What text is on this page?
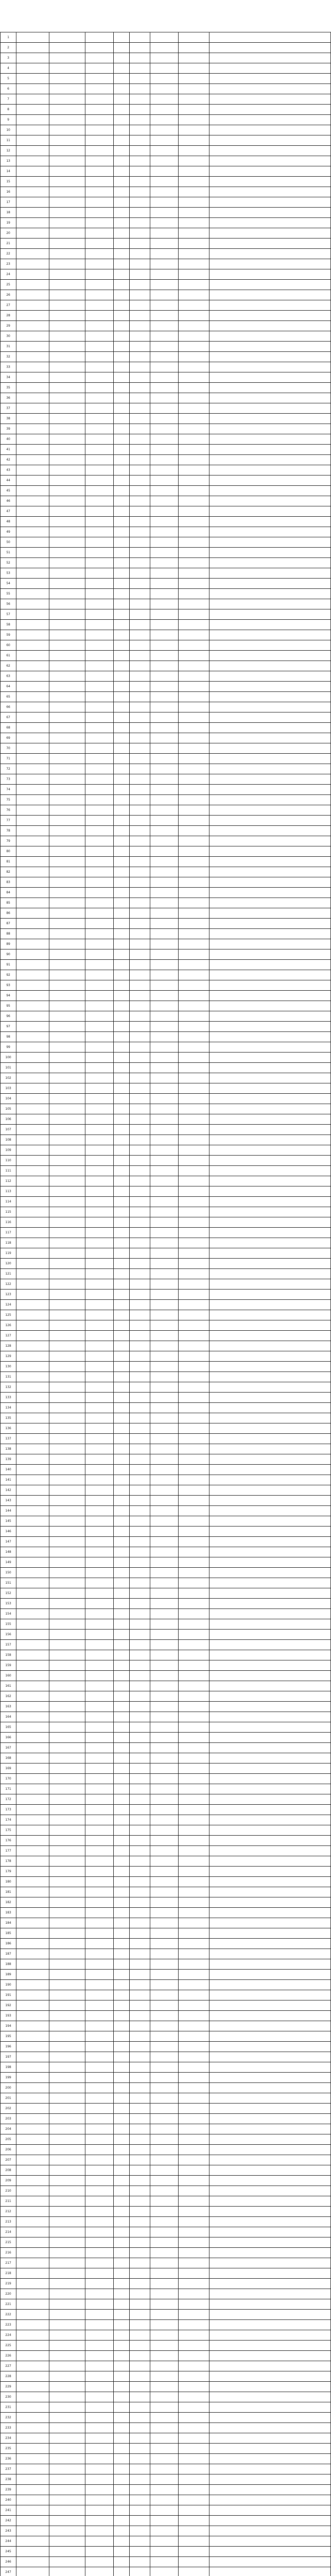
1								
2								
3								
4								
5								
6								
7								
8								
9								
10								
11								
12								
13								
14								
15								
16								
17								
18								
19								
20								
21								
22								
23								
24								
25								
26								
27								
28								
29								
30								
31								
32								
33								
34								
35								
36								
37								
38								
39								
40								
41								
42								
43								
44								
45								
46								
47								
48								
49								
50								
51								
52								
53								
54								
55								
56								
57								
58								
59								
60								
61								
62								
63								
64								
65								
66								
67								
68								
69								
70								
71								
72								
73								
74								
75								
76								
77								
78								
79								
80								
81								
82								
83								
84								
85								
86								
87								
88								
89								
90								
91								
92								
93								
94								
95								
96								
97								
98								
99								
100								
101								
102								
103								
104								
105								
106								
107								
108								
109								
110								
111								
112								
113								
114								
115								
116								
117								
118								
119								
120								
121								
122								
123								
124								
125								
126								
127								
128								
129								
130								
131								
132								
133								
134								
135								
136								
137								
138								
139								
140								
141								
142								
143								
144								
145								
146								
147								
148								
149								
150								
151								
152								
153								
154								
155								
156								
157								
158								
159								
160								
161								
162								
163								
164								
165								
166								
167								
168								
169								
170								
171								
172								
173								
174								
175								
176								
177								
178								
179								
180								
181								
182								
183								
184								
185								
186								
187								
188								
189								
190								
191								
192								
193								
194								
195								
196								
197								
198								
199								
200								
201								
202								
203								
204								
205								
206								
207								
208								
209								
210								
211								
212								
213								
214								
215								
216								
217								
218								
219								
220								
221								
222								
223								
224								
225								
226								
227								
228								
229								
230								
231								
232								
233								
234								
235								
236								
237								
238								
239								
240								
241								
242								
243								
244								
245								
246								
247								
